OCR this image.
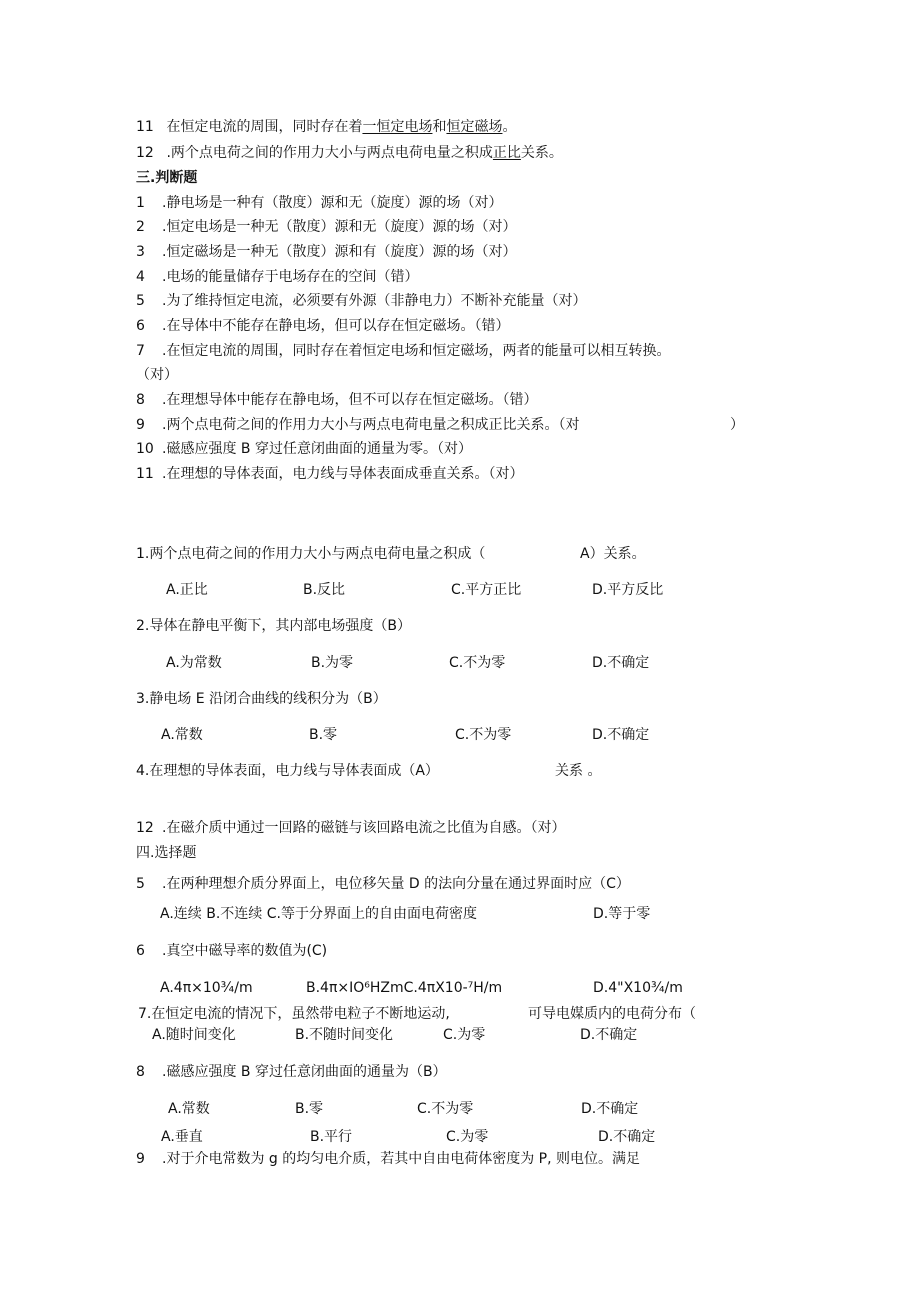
11 在恒定电流的周围，同时存在着一恒定电场和恒定磁场。
12 .两个点电荷之间的作用力大小与两点电荷电量之积成正比关系。
三.判断题
1 .静电场是一种有（散度）源和无（旋度）源的场（对）
2 .恒定电场是一种无（散度）源和无（旋度）源的场（对）
3 .恒定磁场是一种无（散度）源和有（旋度）源的场（对）
4 .电场的能量储存于电场存在的空间（错）
5 .为了维持恒定电流，必须要有外源（非静电力）不断补充能量（对）
6 .在导体中不能存在静电场，但可以存在恒定磁场。（错）
7 .在恒定电流的周围，同时存在着恒定电场和恒定磁场，两者的能量可以相互转换。
（对）
8 .在理想导体中能存在静电场，但不可以存在恒定磁场。（错）
9 .两个点电荷之间的作用力大小与两点电荷电量之积成正比关系。（对	）
10 .磁感应强度 B 穿过任意闭曲面的通量为零。（对）
11 .在理想的导体表面，电力线与导体表面成垂直关系。（对）
1.两个点电荷之间的作用力大小与两点电荷电量之积成（	A）关系。
A.正比	B.反比	C.平方正比	D.平方反比
2.导体在静电平衡下，其内部电场强度（B）
A.为常数	B.为零	C.不为零	D.不确定
3.静电场 E 沿闭合曲线的线积分为（B）
A.常数	B.零	C.不为零	D.不确定
4.在理想的导体表面，电力线与导体表面成（A）	关系 。
12 .在磁介质中通过一回路的磁链与该回路电流之比值为自感。（对）
四.选择题
5 .在两种理想介质分界面上，电位移矢量 D 的法向分量在通过界面时应（C）
A.连续 B.不连续 C.等于分界面上的自由面电荷密度	D.等于零
6 .真空中磁导率的数值为(C)
A.4π×10¾/m	B.4π×IO⁶HZmC.4πX10-⁷H/m	D.4"X10¾/m
7.在恒定电流的情况下，虽然带电粒子不断地运动,	可导电媒质内的电荷分布（
A.随时间变化	B.不随时间变化	C.为零	D.不确定
8 .磁感应强度 B 穿过任意闭曲面的通量为（B）
A.常数	B.零	C.不为零	D.不确定
A.垂直	B.平行	C.为零	D.不确定
9 .对于介电常数为 g 的均匀电介质，若其中自由电荷体密度为 P, 则电位。满足
